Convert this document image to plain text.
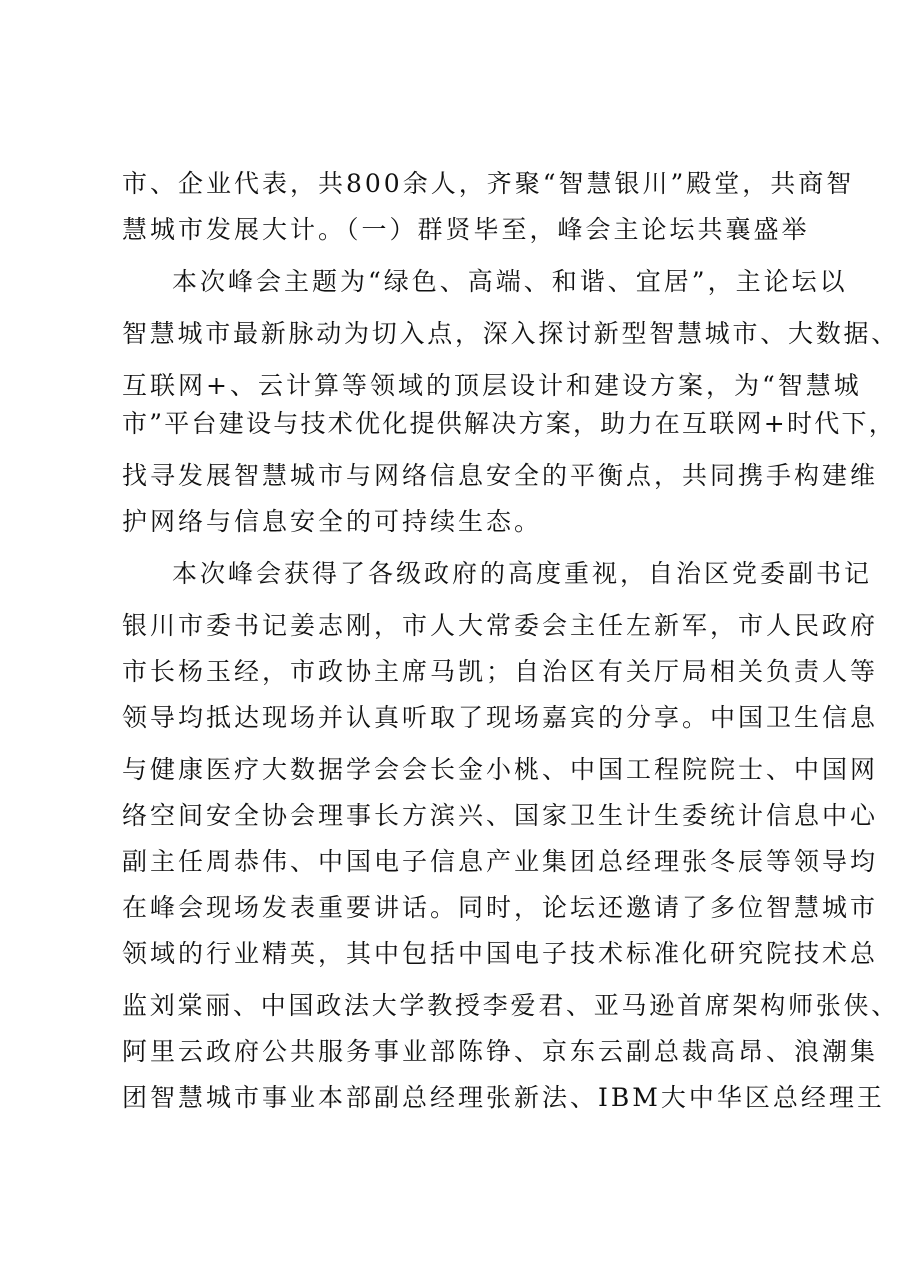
市、企业代表，共800余人，齐聚“智慧银川”殿堂，共商智
慧城市发展大计。（一）群贤毕至，峰会主论坛共襄盛举
本次峰会主题为“绿色、高端、和谐、宜居”，主论坛以
智慧城市最新脉动为切入点，深入探讨新型智慧城市、大数据、
互联网+、云计算等领域的顶层设计和建设方案，为“智慧城
市”平台建设与技术优化提供解决方案，助力在互联网+时代下，
找寻发展智慧城市与网络信息安全的平衡点，共同携手构建维
护网络与信息安全的可持续生态。
本次峰会获得了各级政府的高度重视，自治区党委副书记
银川市委书记姜志刚，市人大常委会主任左新军，市人民政府
市长杨玉经，市政协主席马凯；自治区有关厅局相关负责人等
领导均抵达现场并认真听取了现场嘉宾的分享。中国卫生信息
与健康医疗大数据学会会长金小桃、中国工程院院士、中国网
络空间安全协会理事长方滨兴、国家卫生计生委统计信息中心
副主任周恭伟、中国电子信息产业集团总经理张冬辰等领导均
在峰会现场发表重要讲话。同时，论坛还邀请了多位智慧城市
领域的行业精英，其中包括中国电子技术标准化研究院技术总
监刘棠丽、中国政法大学教授李爱君、亚马逊首席架构师张侠、
阿里云政府公共服务事业部陈铮、京东云副总裁高昂、浪潮集
团智慧城市事业本部副总经理张新法、IBM大中华区总经理王
